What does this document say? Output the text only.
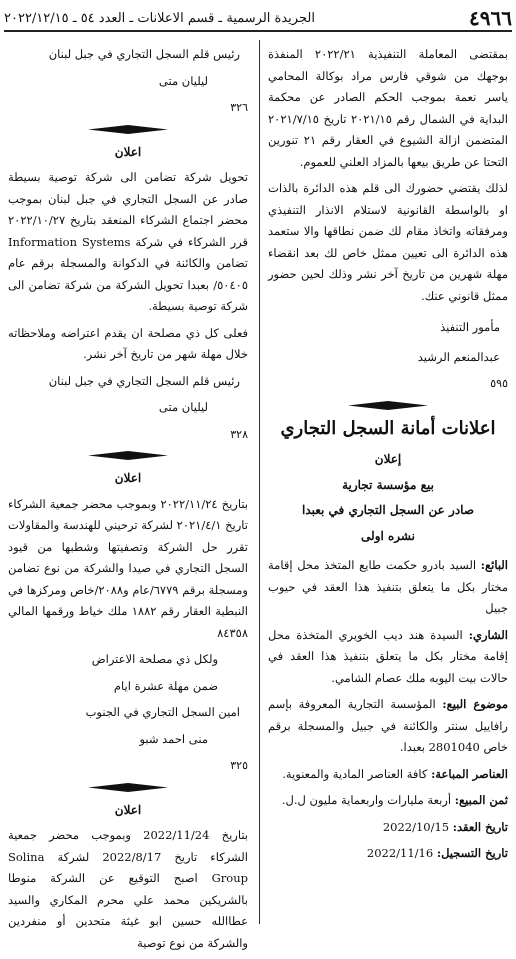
٤٩٦٦
الجريدة الرسمية ـ قسم الاعلانات ـ العدد ٥٤ ـ ٢٠٢٢/١٢/١٥

بمقتضى المعاملة التنفيذية ٢٠٢٢/٢١ المنفذة بوجهك من شوقي فارس مراد بوكالة المحامي ياسر نعمة بموجب الحكم الصادر عن محكمة البداية في الشمال رقم ٢٠٢١/١٥ تاريخ ٢٠٢١/٧/١٥ المتضمن ازالة الشيوع في العقار رقم ٢١ تنورين التحتا عن طريق بيعها بالمزاد العلني للعموم.

لذلك يقتضي حضورك الى قلم هذه الدائرة بالذات او بالواسطة القانونية لاستلام الانذار التنفيذي ومرفقاته واتخاذ مقام لك ضمن نطاقها والا ستعمد هذه الدائرة الى تعيين ممثل خاص لك بعد انقضاء مهلة شهرين من تاريخ آخر نشر وذلك لحين حضور ممثل قانوني عنك.

مأمور التنفيذ

عبدالمنعم الرشيد

٥٩٥

اعلانات أمانة السجل التجاري
إعلان
بيع مؤسسة تجارية
صادر عن السجل التجاري في بعبدا
نشره اولى

البائع: السيد بادرو حكمت طايع المتخذ محل إقامة مختار بكل ما يتعلق بتنفيذ هذا العقد في حيوب جبيل

الشاري: السيدة هند ديب الخويري المتخذة محل إقامة مختار بكل ما يتعلق بتنفيذ هذا العقد في حالات بيت اليوبه ملك عصام الشامي.

موضوع البيع: المؤسسة التجارية المعروفة بإسم رافاييل سنتر والكائنة في جبيل والمسجلة برقم خاص 2801040 بعبدا.

العناصر المباعة: كافة العناصر المادية والمعنوية.

ثمن المبيع: أربعة مليارات واربعماية مليون ل.ل.

تاريخ العقد: 2022/10/15

تاريخ التسجيل: 2022/11/16

رئيس قلم السجل التجاري في جبل لبنان

ليليان متى

٣٢٦

اعلان

تحويل شركة تضامن الى شركة توصية بسيطة صادر عن السجل التجاري في جبل لبنان بموجب محضر اجتماع الشركاء المنعقد بتاريخ ٢٠٢٢/١٠/٢٧ قرر الشركاء في شركة Information Systems تضامن والكائنة في الدكوانة والمسجلة برقم عام ٥٠٤٠٥/ بعبدا تحويل الشركة من شركة تضامن الى شركة توصية بسيطة.

فعلى كل ذي مصلحة ان يقدم اعتراضه وملاحظاته خلال مهلة شهر من تاريخ آخر نشر.

رئيس قلم السجل التجاري في جبل لبنان

ليليان متى

٣٢٨

اعلان

بتاريخ ٢٠٢٢/١١/٢٤ وبموجب محضر جمعية الشركاء تاريخ ٢٠٢١/٤/١ لشركة ترحيني للهندسة والمقاولات تقرر حل الشركة وتصفيتها وشطبها من قيود السجل التجاري في صيدا والشركة من نوع تضامن ومسجلة برقم ٦٧٧٩/عام و٢٠٨٨/خاص ومركزها في النبطية العقار رقم ١٨٨٢ ملك خياط ورقمها المالي ٨٤٣٥٨

ولكل ذي مصلحة الاعتراض

ضمن مهلة عشرة ايام

امين السجل التجاري في الجنوب

منى احمد شبو

٣٢٥

اعلان

بتاريخ 2022/11/24 وبموجب محضر جمعية الشركاء تاريخ 2022/8/17 لشركة Solina Group اصبح التوقيع عن الشركة منوطا بالشريكين محمد علي محرم المكاري والسيد عطاالله حسين ابو غيثة متحدين أو منفردين والشركة من نوع توصية
